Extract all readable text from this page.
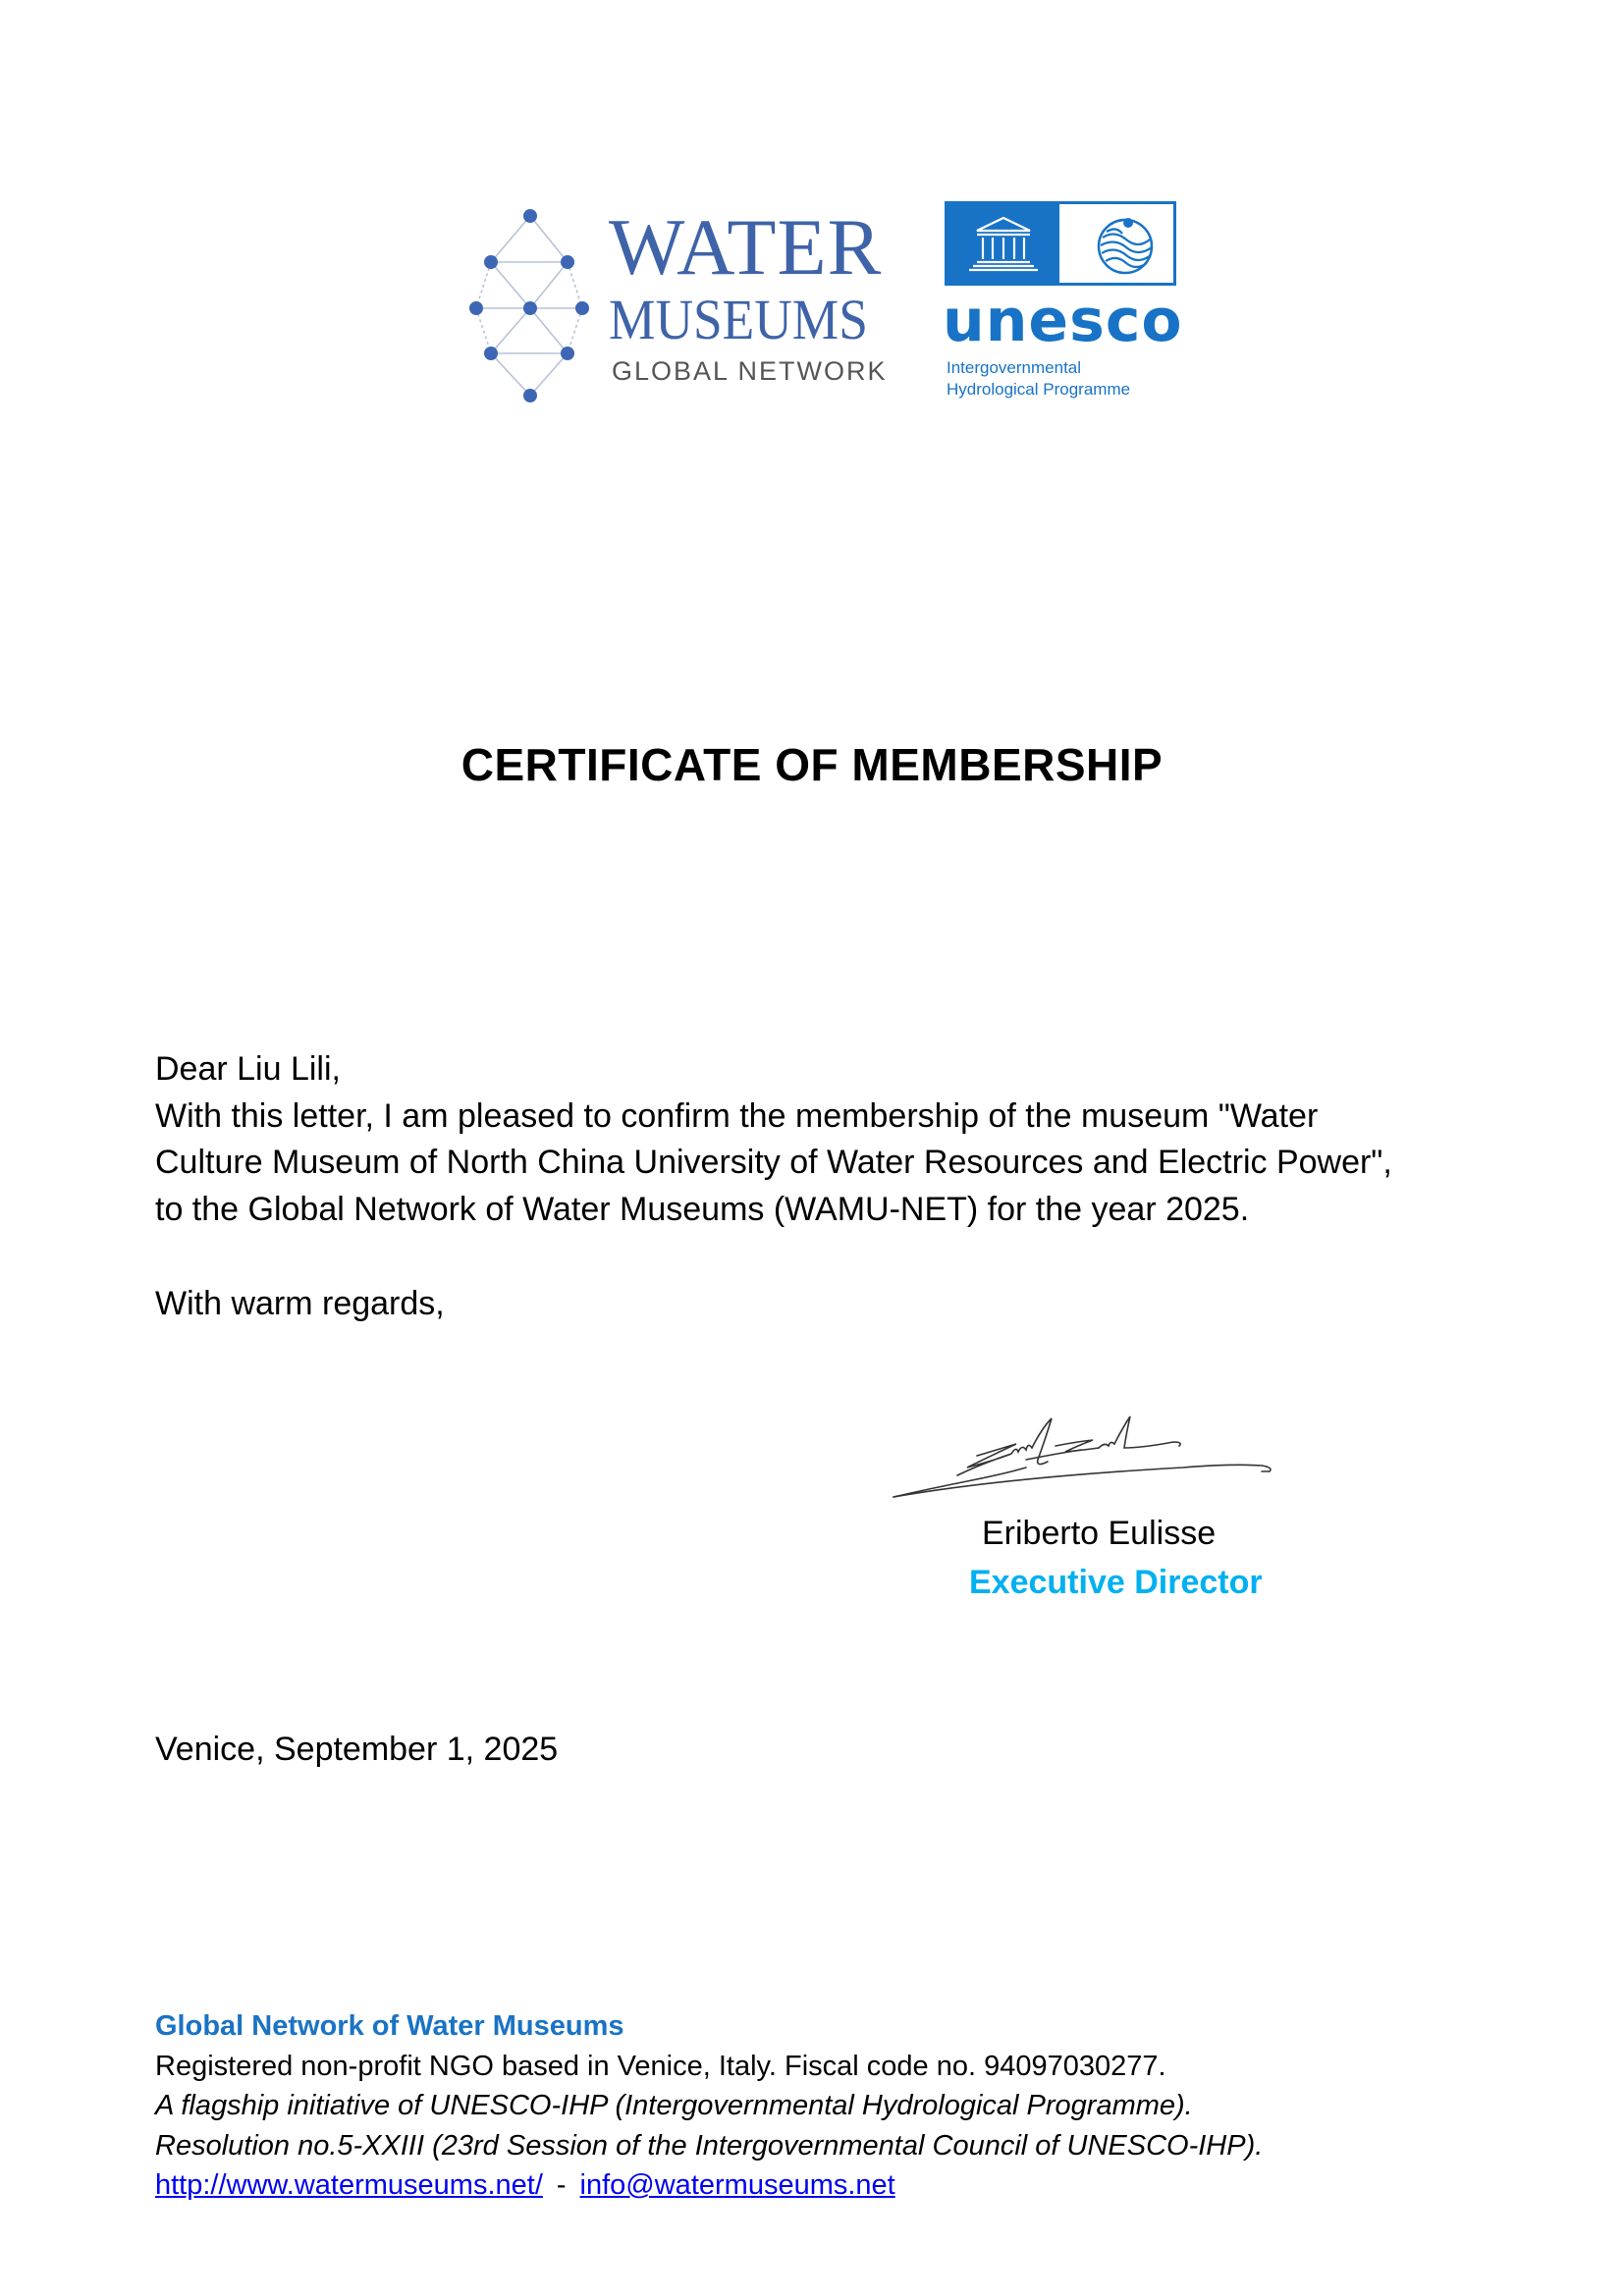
WATER
MUSEUMS
GLOBAL NETWORK
unesco
Intergovernmental
Hydrological Programme
CERTIFICATE OF MEMBERSHIP

Dear Liu Lili,

With this letter, I am pleased to confirm the membership of the museum "Water

Culture Museum of North China University of Water Resources and Electric Power",

to the Global Network of Water Museums (WAMU-NET) for the year 2025.

With warm regards,
Eriberto Eulisse
Executive Director
Venice, September 1, 2025
Global Network of Water Museums
Registered non-profit NGO based in Venice, Italy. Fiscal code no. 94097030277.
A flagship initiative of UNESCO-IHP (Intergovernmental Hydrological Programme).
Resolution no.5-XXIII (23rd Session of the Intergovernmental Council of UNESCO-IHP).
http://www.watermuseums.net/ - info@watermuseums.net
